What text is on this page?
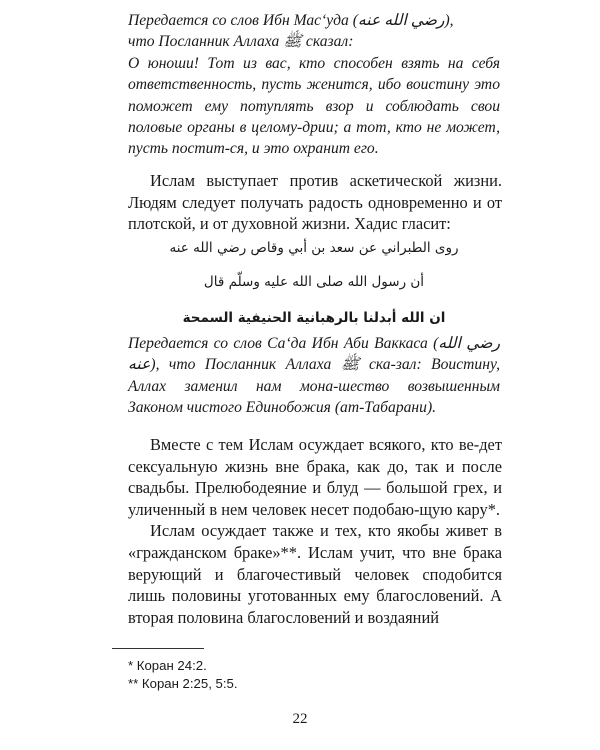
Передается со слов Ибн Мас‘уда (رضي الله عنه),

что Посланник Аллаха ﷺ сказал:

О юноши! Тот из вас, кто способен взять на себя ответственность, пусть женится, ибо воистину это поможет ему потуплять взор и соблюдать свои половые органы в целому-дрии; а тот, кто не может, пусть постит-ся, и это охранит его.

Ислам выступает против аскетической жизни. Людям следует получать радость одновременно и от плотской, и от духовной жизни. Хадис гласит:

روى الطبراني عن سعد بن أبي وقاص رضي الله عنه
أن رسول الله صلى الله عليه وسلّم قال
ان الله أبدلنا بالرهبانية الحنيفية السمحة

Передается со слов Са‘да Ибн Аби Ваккаса (رضي الله عنه), что Посланник Аллаха ﷺ ска-зал: Воистину, Аллах заменил нам мона-шество возвышенным Законом чистого Единобожия (ат-Табарани).

Вместе с тем Ислам осуждает всякого, кто ве-дет сексуальную жизнь вне брака, как до, так и после свадьбы. Прелюбодеяние и блуд — большой грех, и уличенный в нем человек несет подобаю-щую кару*.

Ислам осуждает также и тех, кто якобы живет в «гражданском браке»**. Ислам учит, что вне брака верующий и благочестивый человек сподобится лишь половины уготованных ему благословений. А вторая половина благословений и воздаяний

* Коран 24:2.
** Коран 2:25, 5:5.
22
